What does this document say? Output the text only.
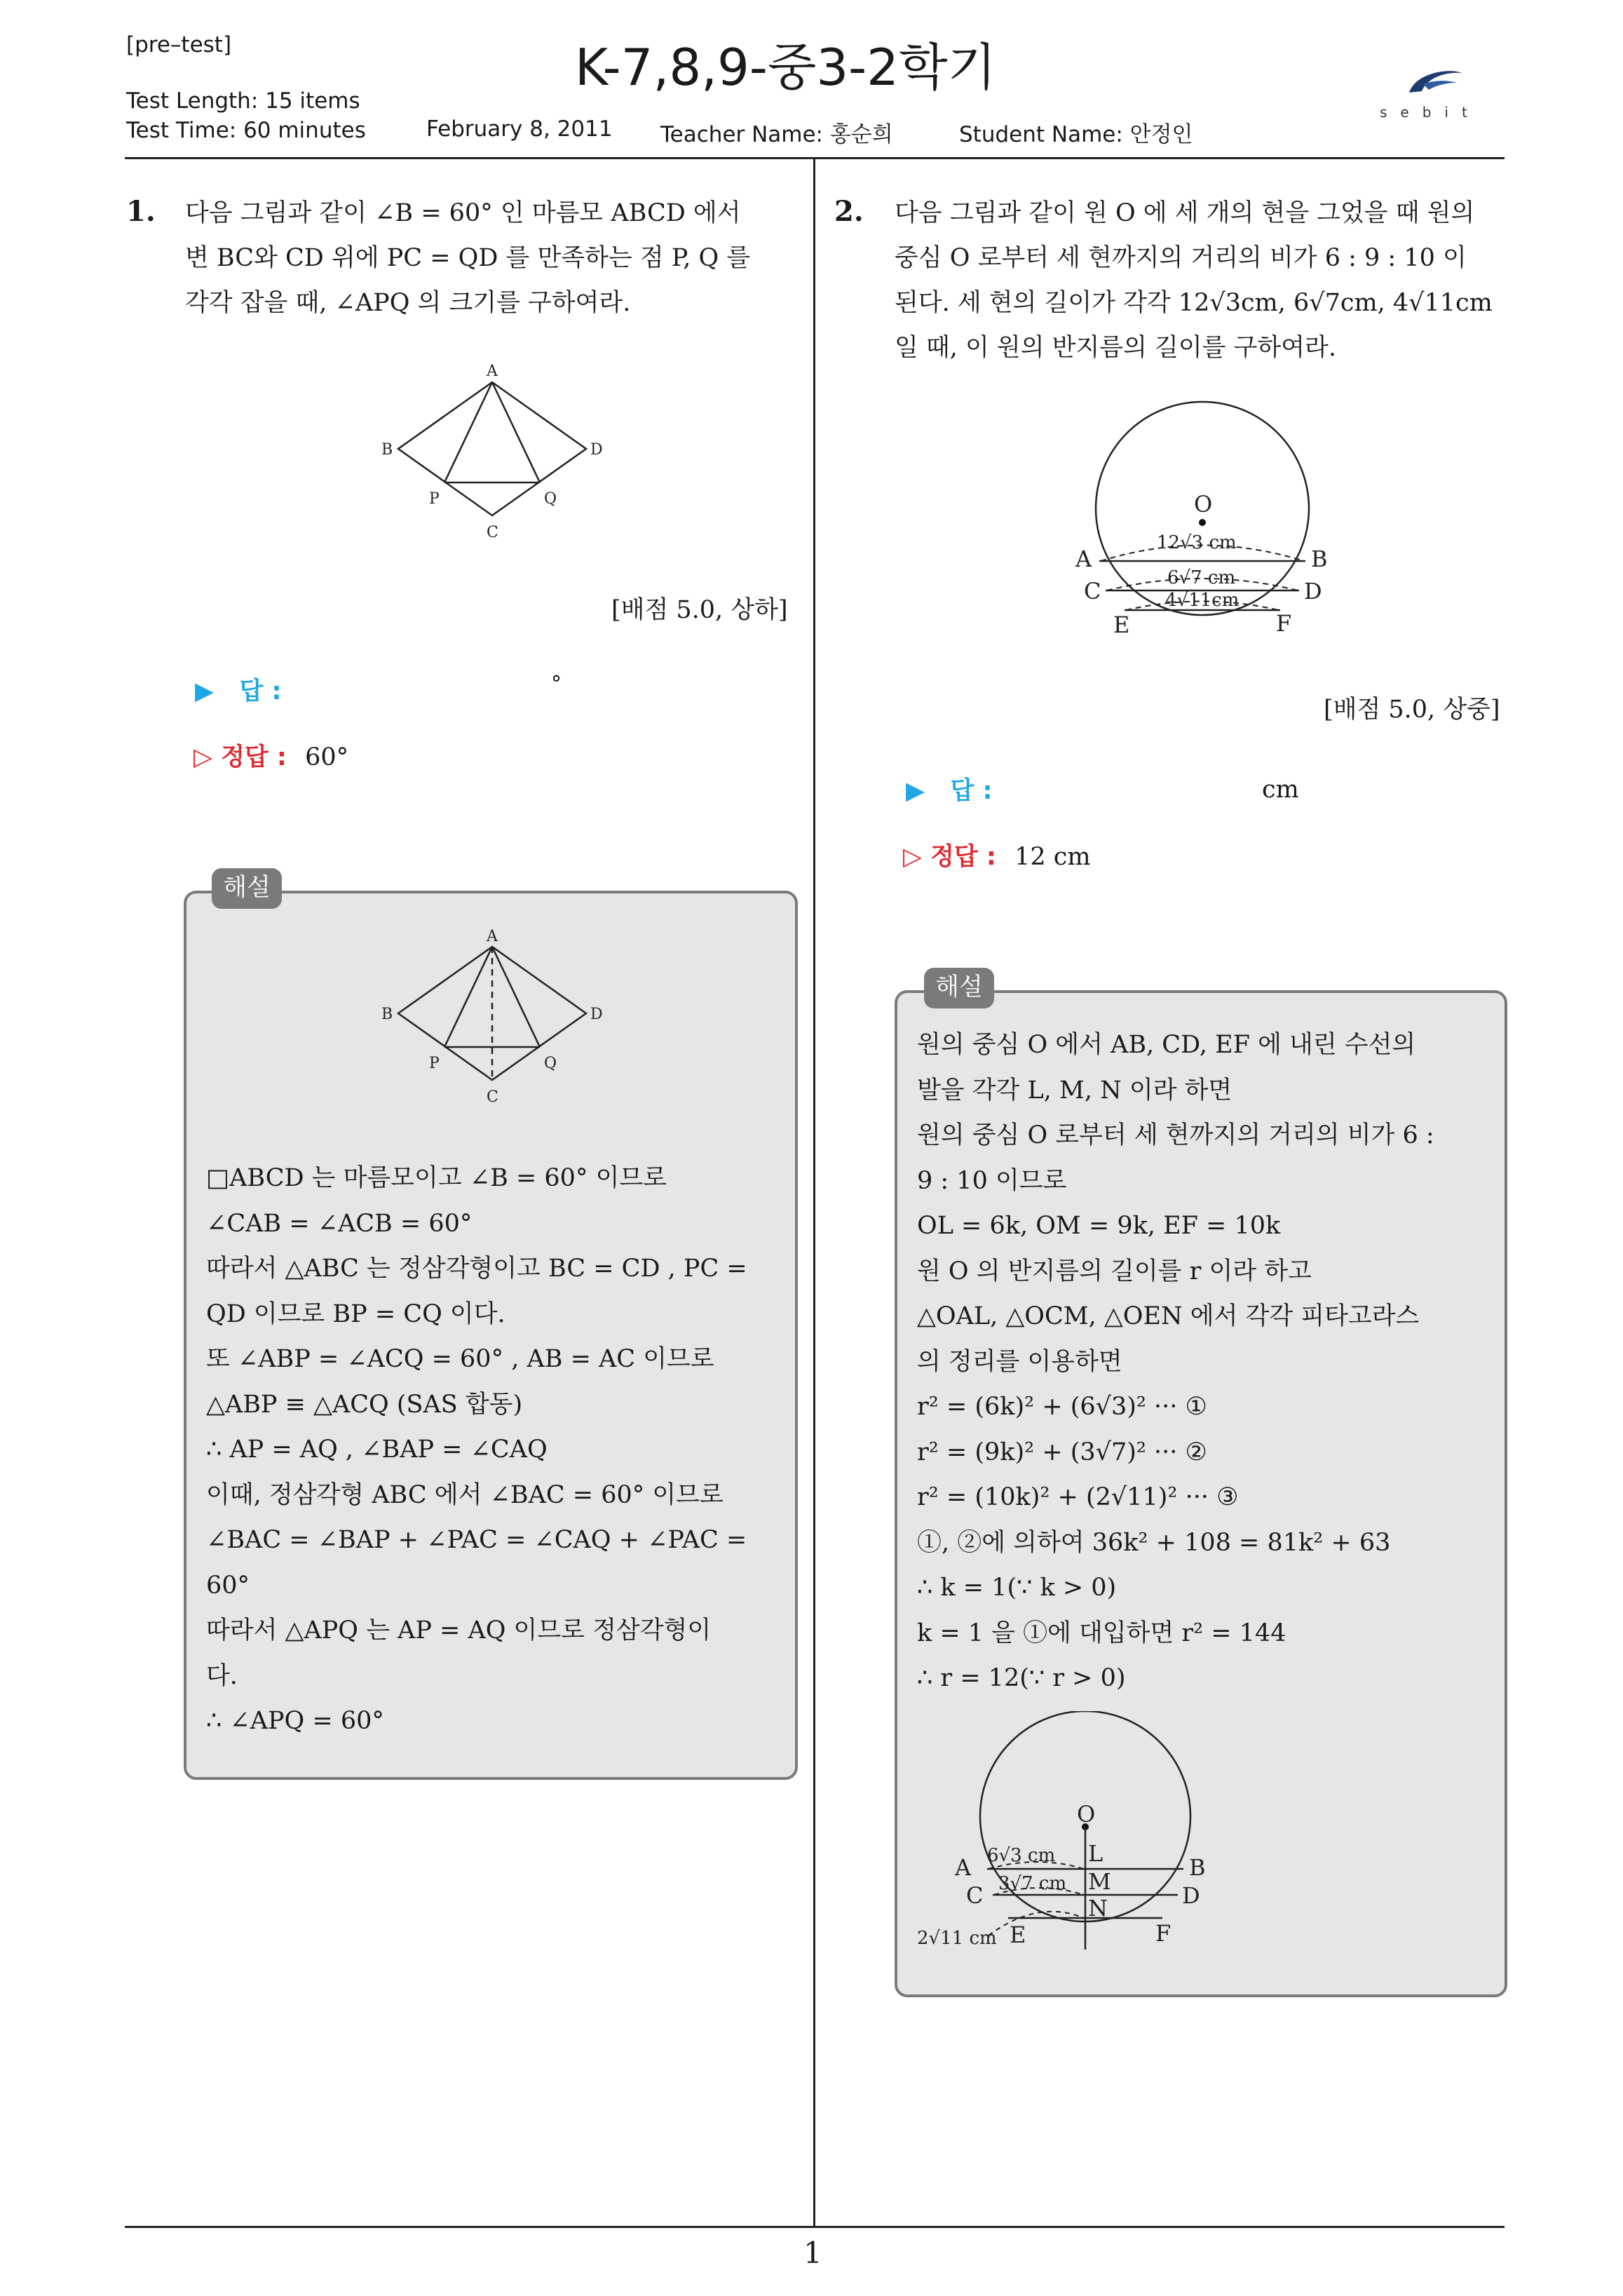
[pre–test]	K-7,8,9-중3-2학기
Test Length: 15 items
Test Time: 60 minutes	February 8, 2011 Teacher Name: 홍순희	Student Name: 안정인
sebit
1
1. 다음 그림과 같이 ∠B = 60° 인 마름모 ABCD 에서
변 BC와 CD 위에 PC = QD 를 만족하는 점 P, Q 를
각각 잡을 때, ∠APQ 의 크기를 구하여라.
A
B
C
D
P	Q
[배점 5.0, 상하]
▶ 답 :	°
▷ 정답 : 60°
해설
A
B
C
D
P	Q
□ABCD 는 마름모이고 ∠B = 60° 이므로
∠CAB = ∠ACB = 60°
따라서 △ABC 는 정삼각형이고 BC = CD , PC =
QD 이므로 BP = CQ 이다.
또 ∠ABP = ∠ACQ = 60° , AB = AC 이므로
△ABP ≡ △ACQ (SAS 합동)
∴ AP = AQ , ∠BAP = ∠CAQ
이때, 정삼각형 ABC 에서 ∠BAC = 60° 이므로
∠BAC = ∠BAP + ∠PAC = ∠CAQ + ∠PAC =
60°
따라서 △APQ 는 AP = AQ 이므로 정삼각형이
다.
∴ ∠APQ = 60°
2. 다음 그림과 같이 원 O 에 세 개의 현을 그었을 때 원의
중심 O 로부터 세 현까지의 거리의 비가 6 : 9 : 10 이
된다. 세 현의 길이가 각각 12√3cm, 6√7cm, 4√11cm
일 때, 이 원의 반지름의 길이를 구하여라.
O
A	B
C	D
E	F
12√3 cm
6√7 cm
4√11cm
[배점 5.0, 상중]
▶ 답 :	cm
▷ 정답 : 12 cm
해설
원의 중심 O 에서 AB, CD, EF 에 내린 수선의
발을 각각 L, M, N 이라 하면
원의 중심 O 로부터 세 현까지의 거리의 비가 6 :
9 : 10 이므로
OL = 6k, OM = 9k, EF = 10k
원 O 의 반지름의 길이를 r 이라 하고
△OAL, △OCM, △OEN 에서 각각 피타고라스
의 정리를 이용하면
r² = (6k)² + (6√3)² ··· ①
r² = (9k)² + (3√7)² ··· ②
r² = (10k)² + (2√11)² ··· ③
①, ②에 의하여 36k² + 108 = 81k² + 63
∴ k = 1(∵ k > 0)
k = 1 을 ①에 대입하면 r² = 144
∴ r = 12(∵ r > 0)
O
A	B
C	D
E	F
L
M
N
6√3 cm
3√7 cm
2√11 cm
